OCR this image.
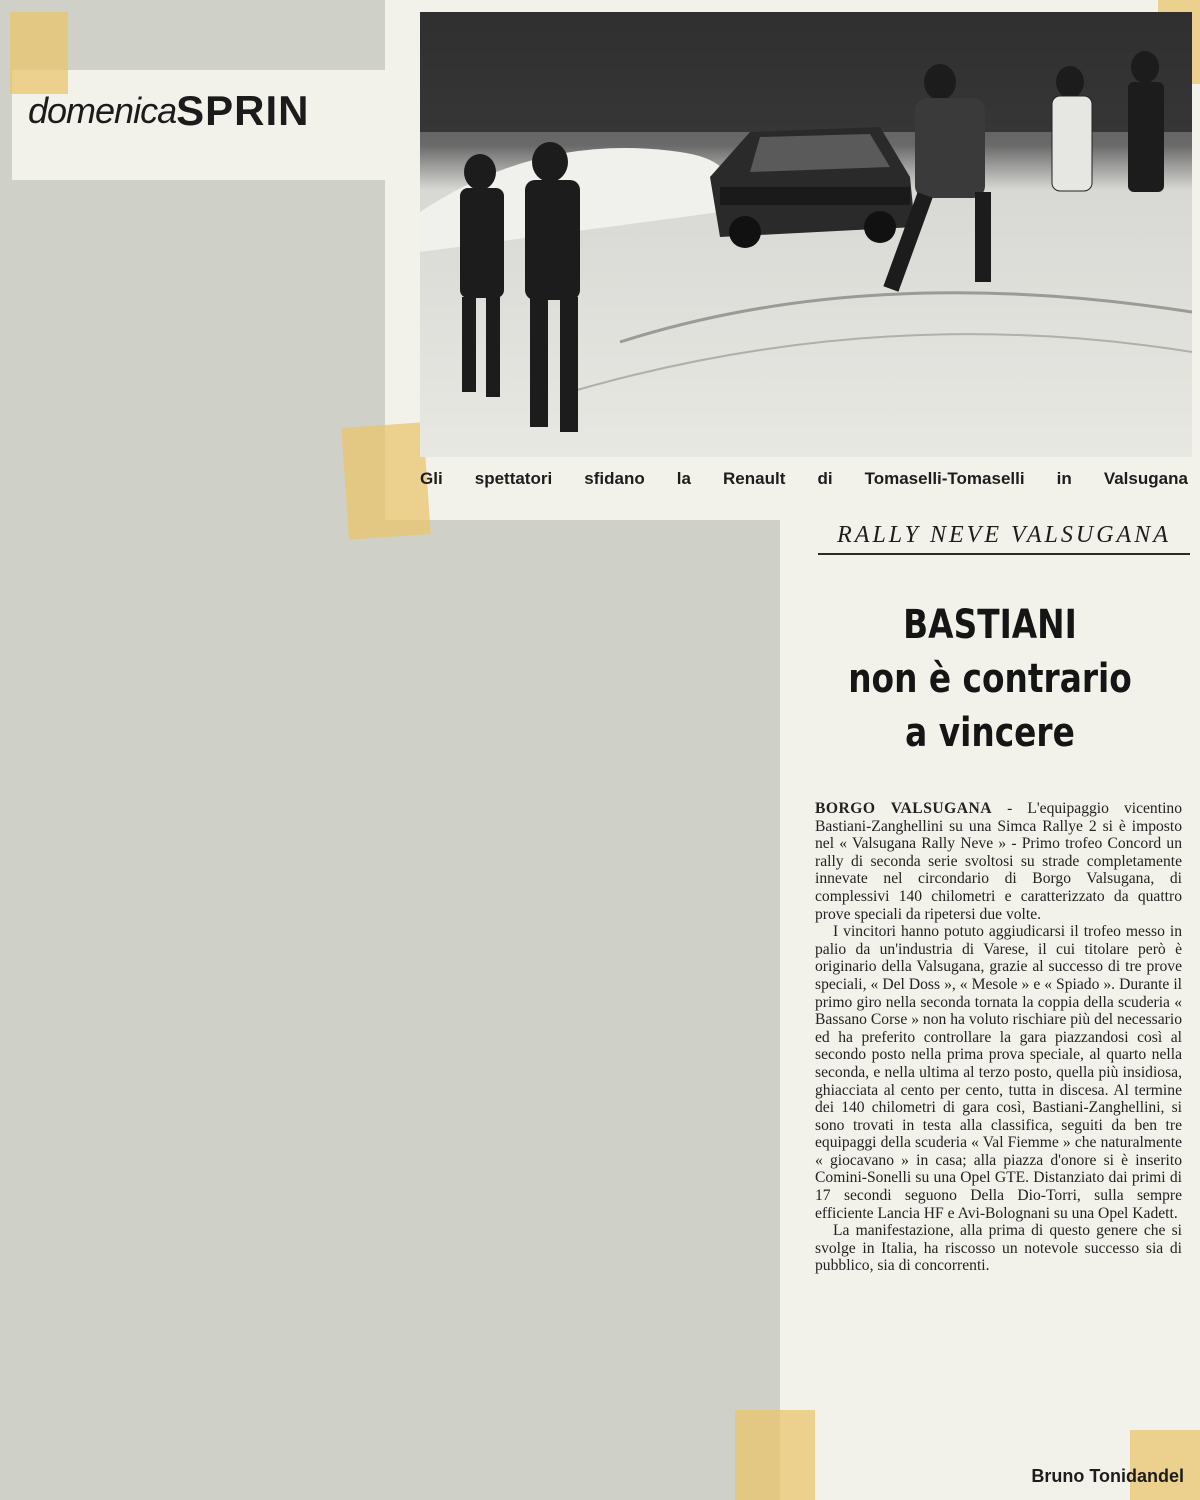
domenica SPRIN
Gli spettatori sfidano la Renault di Tomaselli-Tomaselli in Valsugana
RALLY NEVE VALSUGANA
BASTIANI
non è contrario
a vincere

BORGO VALSUGANA - L'equipaggio vicentino Bastiani-Zanghellini su una Simca Rallye 2 si è imposto nel « Valsugana Rally Neve » - Primo trofeo Concord un rally di seconda serie svoltosi su strade completamente innevate nel circondario di Borgo Valsugana, di complessivi 140 chilometri e caratterizzato da quattro prove speciali da ripetersi due volte.

I vincitori hanno potuto aggiudicarsi il trofeo messo in palio da un'industria di Varese, il cui titolare però è originario della Valsugana, grazie al successo di tre prove speciali, « Del Doss », « Mesole » e « Spiado ». Durante il primo giro nella seconda tornata la coppia della scuderia « Bassano Corse » non ha voluto rischiare più del necessario ed ha preferito controllare la gara piazzandosi così al secondo posto nella prima prova speciale, al quarto nella seconda, e nella ultima al terzo posto, quella più insidiosa, ghiacciata al cento per cento, tutta in discesa. Al termine dei 140 chilometri di gara così, Bastiani-Zanghellini, si sono trovati in testa alla classifica, seguiti da ben tre equipaggi della scuderia « Val Fiemme » che naturalmente « giocavano » in casa; alla piazza d'onore si è inserito Comini-Sonelli su una Opel GTE. Distanziato dai primi di 17 secondi seguono Della Dio-Torri, sulla sempre efficiente Lancia HF e Avi-Bolognani su una Opel Kadett.

La manifestazione, alla prima di questo genere che si svolge in Italia, ha riscosso un notevole successo sia di pubblico, sia di concorrenti.

Bruno Tonidandel
